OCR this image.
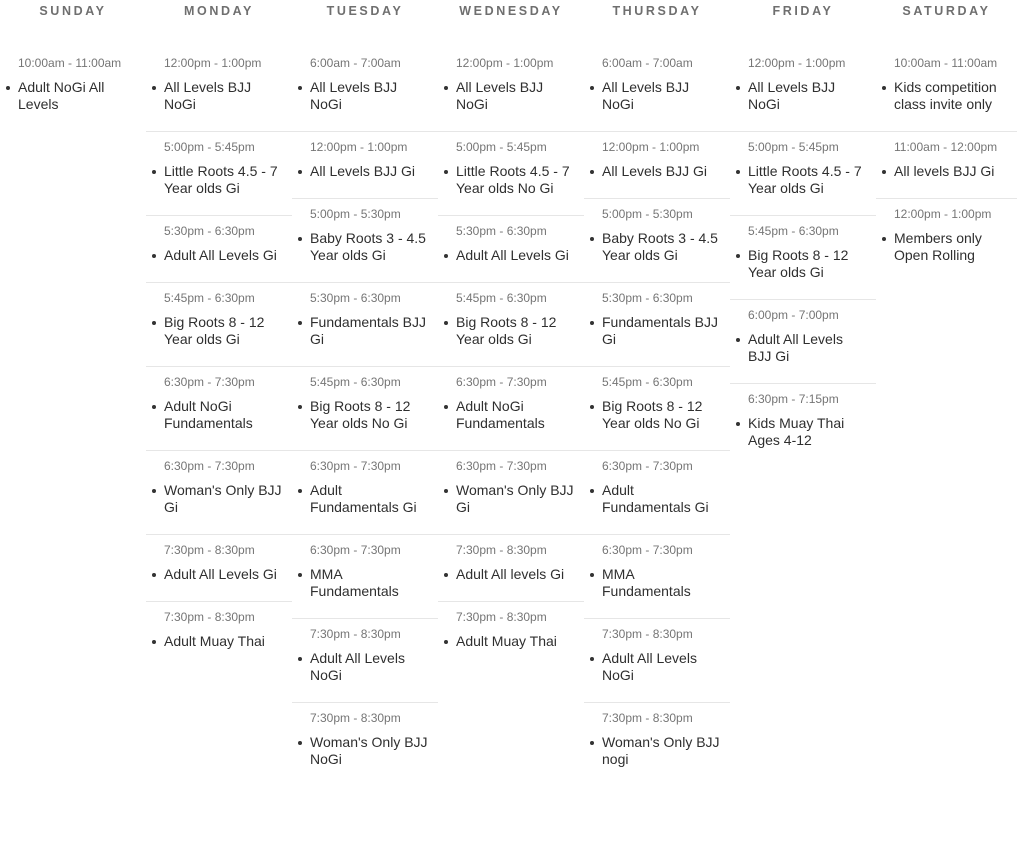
SUNDAY
10:00am - 11:00am
Adult NoGi All Levels
MONDAY
12:00pm - 1:00pm
All Levels BJJ NoGi
5:00pm - 5:45pm
Little Roots 4.5 - 7 Year olds Gi
5:30pm - 6:30pm
Adult All Levels Gi
5:45pm - 6:30pm
Big Roots 8 - 12 Year olds Gi
6:30pm - 7:30pm
Adult NoGi Fundamentals
6:30pm - 7:30pm
Woman's Only BJJ Gi
7:30pm - 8:30pm
Adult All Levels Gi
7:30pm - 8:30pm
Adult Muay Thai
TUESDAY
6:00am - 7:00am
All Levels BJJ NoGi
12:00pm - 1:00pm
All Levels BJJ Gi
5:00pm - 5:30pm
Baby Roots 3 - 4.5 Year olds Gi
5:30pm - 6:30pm
Fundamentals BJJ Gi
5:45pm - 6:30pm
Big Roots 8 - 12 Year olds No Gi
6:30pm - 7:30pm
Adult Fundamentals Gi
6:30pm - 7:30pm
MMA Fundamentals
7:30pm - 8:30pm
Adult All Levels NoGi
7:30pm - 8:30pm
Woman's Only BJJ NoGi
WEDNESDAY
12:00pm - 1:00pm
All Levels BJJ NoGi
5:00pm - 5:45pm
Little Roots 4.5 - 7 Year olds No Gi
5:30pm - 6:30pm
Adult All Levels Gi
5:45pm - 6:30pm
Big Roots 8 - 12 Year olds Gi
6:30pm - 7:30pm
Adult NoGi Fundamentals
6:30pm - 7:30pm
Woman's Only BJJ Gi
7:30pm - 8:30pm
Adult All levels Gi
7:30pm - 8:30pm
Adult Muay Thai
THURSDAY
6:00am - 7:00am
All Levels BJJ NoGi
12:00pm - 1:00pm
All Levels BJJ Gi
5:00pm - 5:30pm
Baby Roots 3 - 4.5 Year olds Gi
5:30pm - 6:30pm
Fundamentals BJJ Gi
5:45pm - 6:30pm
Big Roots 8 - 12 Year olds No Gi
6:30pm - 7:30pm
Adult Fundamentals Gi
6:30pm - 7:30pm
MMA Fundamentals
7:30pm - 8:30pm
Adult All Levels NoGi
7:30pm - 8:30pm
Woman's Only BJJ nogi
FRIDAY
12:00pm - 1:00pm
All Levels BJJ NoGi
5:00pm - 5:45pm
Little Roots 4.5 - 7 Year olds Gi
5:45pm - 6:30pm
Big Roots 8 - 12 Year olds Gi
6:00pm - 7:00pm
Adult All Levels BJJ Gi
6:30pm - 7:15pm
Kids Muay Thai Ages 4-12
SATURDAY
10:00am - 11:00am
Kids competition class invite only
11:00am - 12:00pm
All levels BJJ Gi
12:00pm - 1:00pm
Members only Open Rolling
